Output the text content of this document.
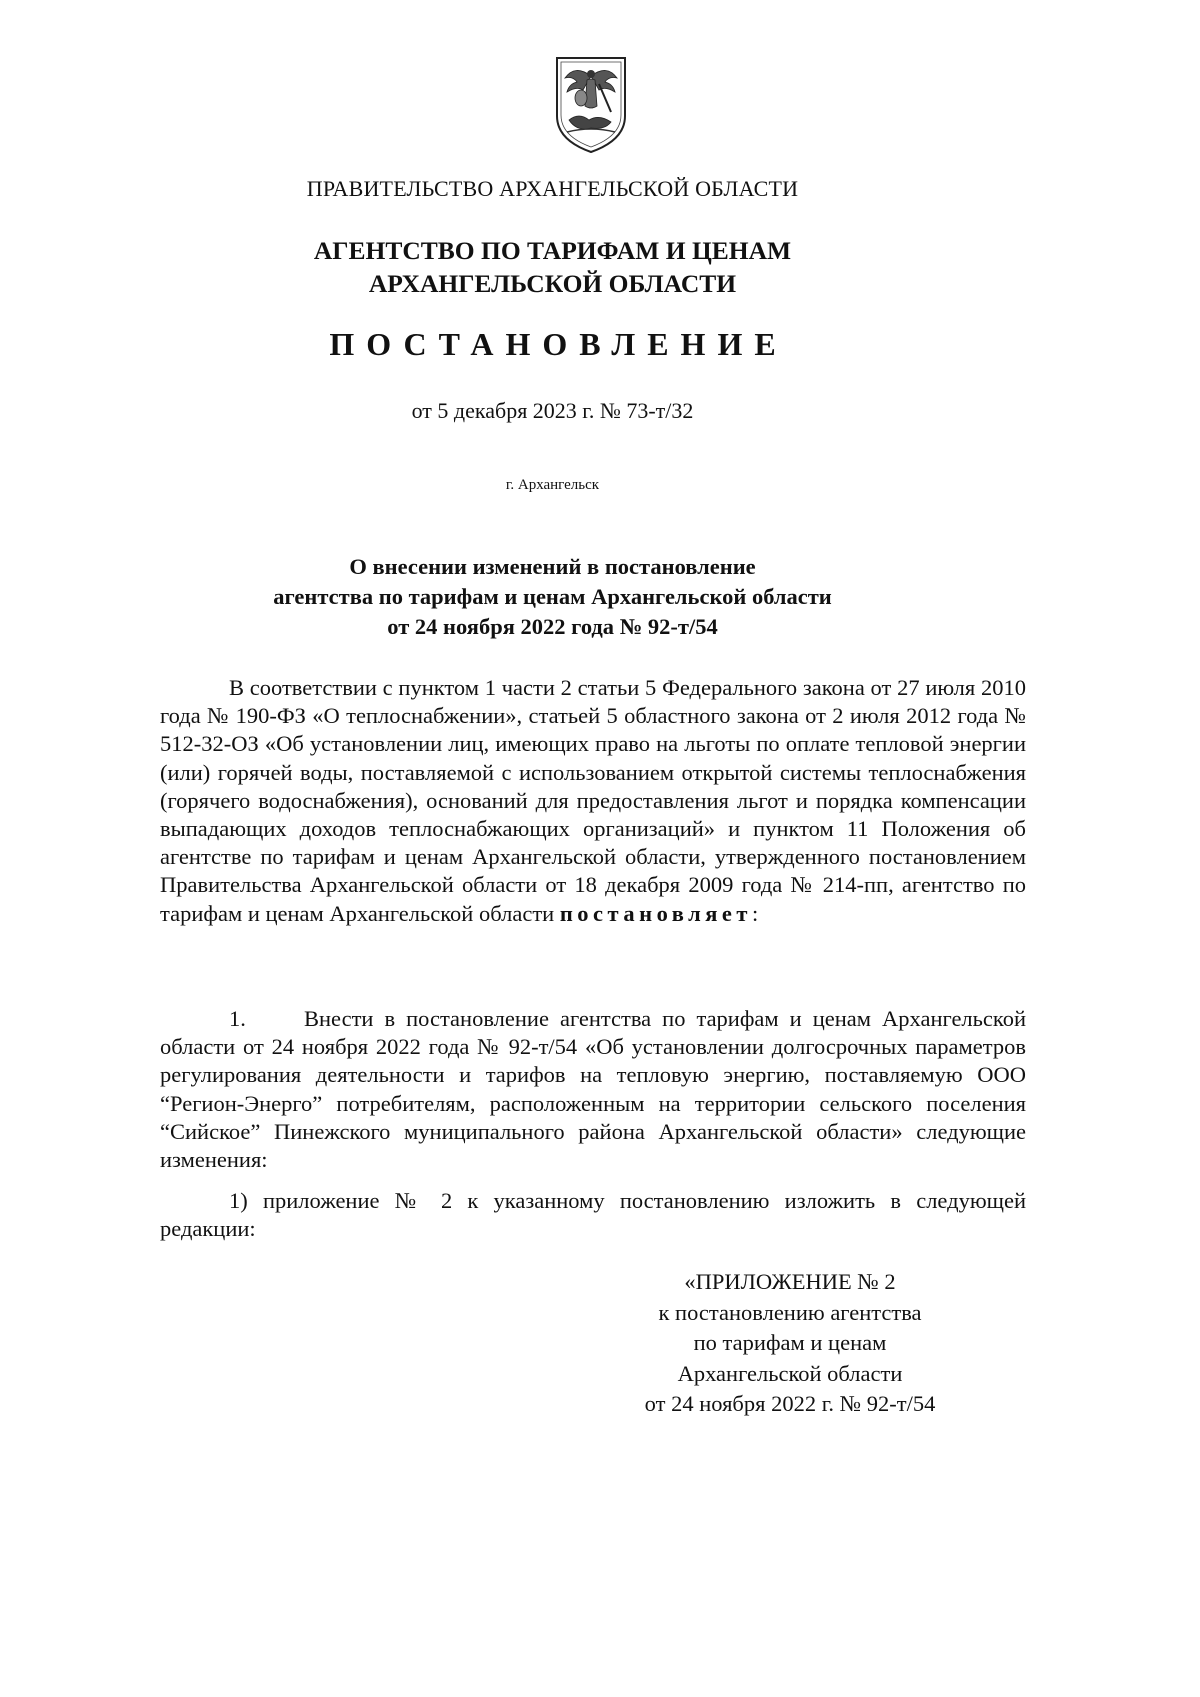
ПРАВИТЕЛЬСТВО АРХАНГЕЛЬСКОЙ ОБЛАСТИ
АГЕНТСТВО ПО ТАРИФАМ И ЦЕНАМ
АРХАНГЕЛЬСКОЙ ОБЛАСТИ
ПОСТАНОВЛЕНИЕ
от 5 декабря 2023 г. № 73-т/32
г. Архангельск
О внесении изменений в постановление
агентства по тарифам и ценам Архангельской области
от 24 ноября 2022 года № 92-т/54

В соответствии с пунктом 1 части 2 статьи 5 Федерального закона от 27 июля 2010 года № 190-ФЗ «О теплоснабжении», статьей 5 областного закона от 2 июля 2012 года № 512-32-ОЗ «Об установлении лиц, имеющих право на льготы по оплате тепловой энергии (или) горячей воды, поставляемой с использованием открытой системы теплоснабжения (горячего водоснабжения), оснований для предоставления льгот и порядка компенсации выпадающих доходов теплоснабжающих организаций» и пунктом 11 Положения об агентстве по тарифам и ценам Архангельской области, утвержденного постановлением Правительства Архангельской области от 18 декабря 2009 года № 214-пп, агентство по тарифам и ценам Архангельской области постановляет:

1.	Внести в постановление агентства по тарифам и ценам Архангельской области от 24 ноября 2022 года № 92-т/54 «Об установлении долгосрочных параметров регулирования деятельности и тарифов на тепловую энергию, поставляемую ООО “Регион-Энерго” потребителям, расположенным на территории сельского поселения “Сийское” Пинежского муниципального района Архангельской области» следующие изменения:

1) приложение № 2 к указанному постановлению изложить в следующей редакции:

«ПРИЛОЖЕНИЕ № 2
к постановлению агентства
по тарифам и ценам
Архангельской области
от 24 ноября 2022 г. № 92-т/54
